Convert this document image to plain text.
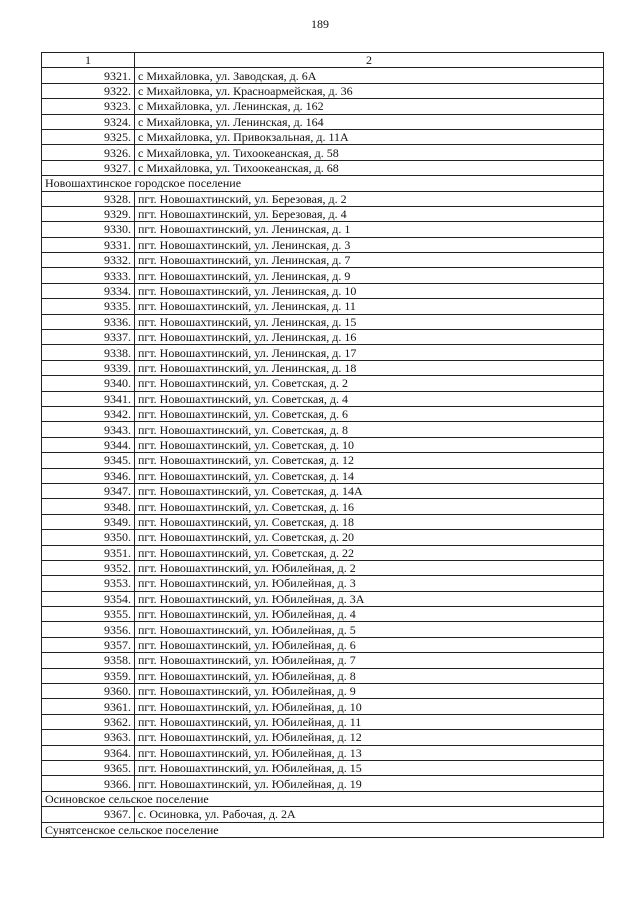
189
1	2
9321.	с Михайловка, ул. Заводская, д. 6А
9322.	с Михайловка, ул. Красноармейская, д. 36
9323.	с Михайловка, ул. Ленинская, д. 162
9324.	с Михайловка, ул. Ленинская, д. 164
9325.	с Михайловка, ул. Привокзальная, д. 11А
9326.	с Михайловка, ул. Тихоокеанская, д. 58
9327.	с Михайловка, ул. Тихоокеанская, д. 68
Новошахтинское городское поселение	
9328.	пгт. Новошахтинский, ул. Березовая, д. 2
9329.	пгт. Новошахтинский, ул. Березовая, д. 4
9330.	пгт. Новошахтинский, ул. Ленинская, д. 1
9331.	пгт. Новошахтинский, ул. Ленинская, д. 3
9332.	пгт. Новошахтинский, ул. Ленинская, д. 7
9333.	пгт. Новошахтинский, ул. Ленинская, д. 9
9334.	пгт. Новошахтинский, ул. Ленинская, д. 10
9335.	пгт. Новошахтинский, ул. Ленинская, д. 11
9336.	пгт. Новошахтинский, ул. Ленинская, д. 15
9337.	пгт. Новошахтинский, ул. Ленинская, д. 16
9338.	пгт. Новошахтинский, ул. Ленинская, д. 17
9339.	пгт. Новошахтинский, ул. Ленинская, д. 18
9340.	пгт. Новошахтинский, ул. Советская, д. 2
9341.	пгт. Новошахтинский, ул. Советская, д. 4
9342.	пгт. Новошахтинский, ул. Советская, д. 6
9343.	пгт. Новошахтинский, ул. Советская, д. 8
9344.	пгт. Новошахтинский, ул. Советская, д. 10
9345.	пгт. Новошахтинский, ул. Советская, д. 12
9346.	пгт. Новошахтинский, ул. Советская, д. 14
9347.	пгт. Новошахтинский, ул. Советская, д. 14А
9348.	пгт. Новошахтинский, ул. Советская, д. 16
9349.	пгт. Новошахтинский, ул. Советская, д. 18
9350.	пгт. Новошахтинский, ул. Советская, д. 20
9351.	пгт. Новошахтинский, ул. Советская, д. 22
9352.	пгт. Новошахтинский, ул. Юбилейная, д. 2
9353.	пгт. Новошахтинский, ул. Юбилейная, д. 3
9354.	пгт. Новошахтинский, ул. Юбилейная, д. 3А
9355.	пгт. Новошахтинский, ул. Юбилейная, д. 4
9356.	пгт. Новошахтинский, ул. Юбилейная, д. 5
9357.	пгт. Новошахтинский, ул. Юбилейная, д. 6
9358.	пгт. Новошахтинский, ул. Юбилейная, д. 7
9359.	пгт. Новошахтинский, ул. Юбилейная, д. 8
9360.	пгт. Новошахтинский, ул. Юбилейная, д. 9
9361.	пгт. Новошахтинский, ул. Юбилейная, д. 10
9362.	пгт. Новошахтинский, ул. Юбилейная, д. 11
9363.	пгт. Новошахтинский, ул. Юбилейная, д. 12
9364.	пгт. Новошахтинский, ул. Юбилейная, д. 13
9365.	пгт. Новошахтинский, ул. Юбилейная, д. 15
9366.	пгт. Новошахтинский, ул. Юбилейная, д. 19
Осиновское сельское поселение	
9367.	с. Осиновка, ул. Рабочая, д. 2А
Сунятсенское сельское поселение	
